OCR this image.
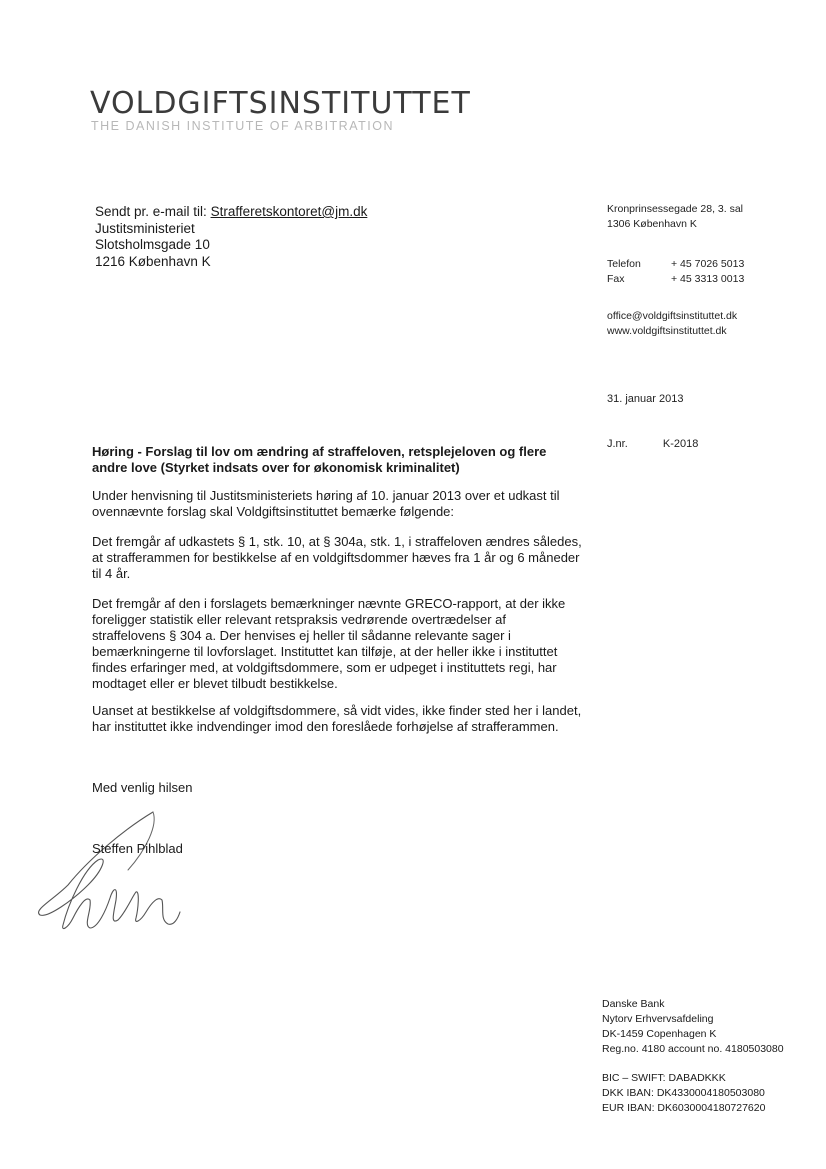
VOLDGIFTSINSTITUTTET
THE DANISH INSTITUTE OF ARBITRATION
Sendt pr. e-mail til: Strafferetskontoret@jm.dk
Justitsministeriet
Slotsholmsgade 10
1216 København K
Kronprinsessegade 28, 3. sal
1306 København K
Telefon	+ 45 7026 5013
Fax	+ 45 3313 0013
office@voldgiftsinstituttet.dk
www.voldgiftsinstituttet.dk
31. januar 2013
J.nr.	K-2018
Høring - Forslag til lov om ændring af straffeloven, retsplejeloven og flere andre love (Styrket indsats over for økonomisk kriminalitet)
Under henvisning til Justitsministeriets høring af 10. januar 2013 over et udkast til ovennævnte forslag skal Voldgiftsinstituttet bemærke følgende:
Det fremgår af udkastets § 1, stk. 10, at § 304a, stk. 1, i straffeloven ændres således, at strafferammen for bestikkelse af en voldgiftsdommer hæves fra 1 år og 6 måneder til 4 år.
Det fremgår af den i forslagets bemærkninger nævnte GRECO-rapport, at der ikke foreligger statistik eller relevant retspraksis vedrørende overtrædelser af straffelovens § 304 a. Der henvises ej heller til sådanne relevante sager i bemærkningerne til lovforslaget. Instituttet kan tilføje, at der heller ikke i instituttet findes erfaringer med, at voldgiftsdommere, som er udpeget i instituttets regi, har modtaget eller er blevet tilbudt bestikkelse.
Uanset at bestikkelse af voldgiftsdommere, så vidt vides, ikke finder sted her i landet, har instituttet ikke indvendinger imod den foreslåede forhøjelse af strafferammen.
Med venlig hilsen
Steffen Pihlblad
Danske Bank
Nytorv Erhvervsafdeling
DK-1459 Copenhagen K
Reg.no. 4180 account no. 4180503080
BIC – SWIFT: DABADKKK
DKK IBAN: DK4330004180503080
EUR IBAN: DK6030004180727620
